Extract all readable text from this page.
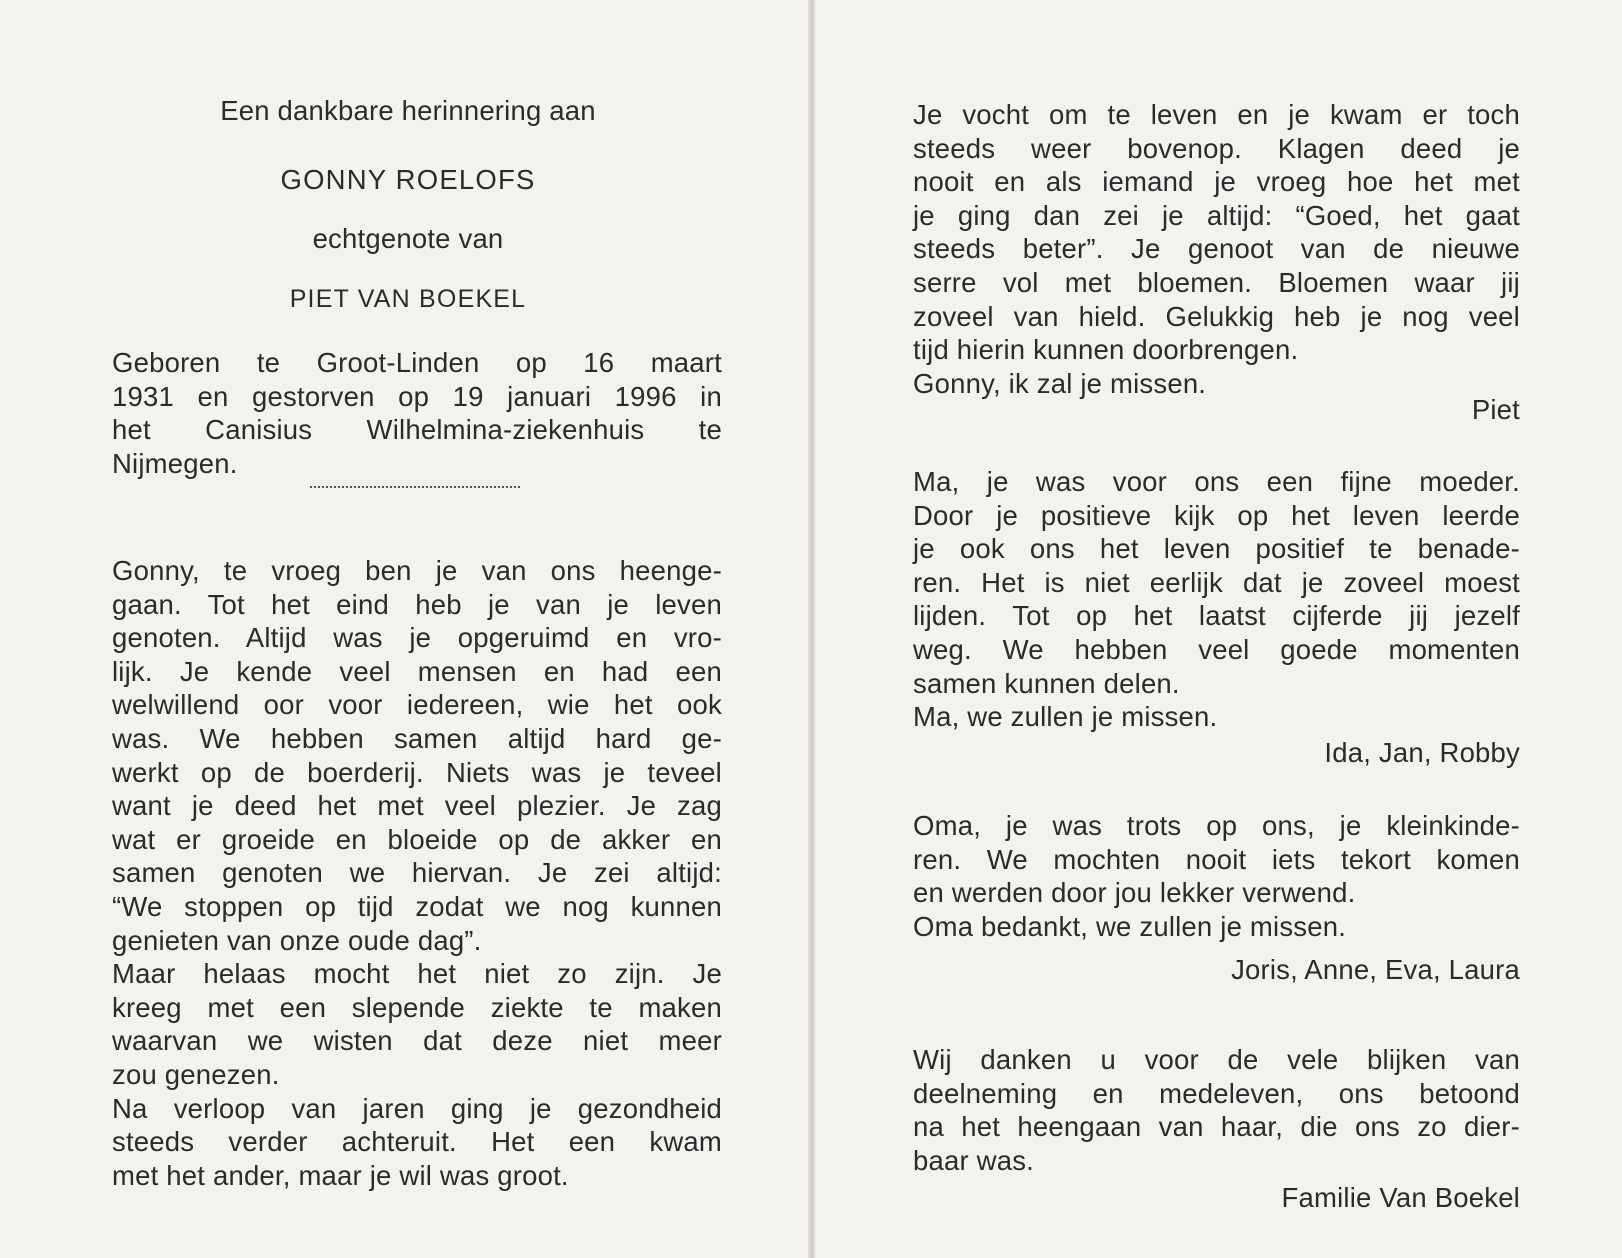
Een dankbare herinnering aan
GONNY ROELOFS
echtgenote van
PIET VAN BOEKEL
Geboren te Groot-Linden op 16 maart
1931 en gestorven op 19 januari 1996 in
het Canisius Wilhelmina-ziekenhuis te
Nijmegen.
Gonny, te vroeg ben je van ons heenge-
gaan. Tot het eind heb je van je leven
genoten. Altijd was je opgeruimd en vro-
lijk. Je kende veel mensen en had een
welwillend oor voor iedereen, wie het ook
was. We hebben samen altijd hard ge-
werkt op de boerderij. Niets was je teveel
want je deed het met veel plezier. Je zag
wat er groeide en bloeide op de akker en
samen genoten we hiervan. Je zei altijd:
“We stoppen op tijd zodat we nog kunnen
genieten van onze oude dag”.
Maar helaas mocht het niet zo zijn. Je
kreeg met een slepende ziekte te maken
waarvan we wisten dat deze niet meer
zou genezen.
Na verloop van jaren ging je gezondheid
steeds verder achteruit. Het een kwam
met het ander, maar je wil was groot.
Je vocht om te leven en je kwam er toch
steeds weer bovenop. Klagen deed je
nooit en als iemand je vroeg hoe het met
je ging dan zei je altijd: “Goed, het gaat
steeds beter”. Je genoot van de nieuwe
serre vol met bloemen. Bloemen waar jij
zoveel van hield. Gelukkig heb je nog veel
tijd hierin kunnen doorbrengen.
Gonny, ik zal je missen.
Piet
Ma, je was voor ons een fijne moeder.
Door je positieve kijk op het leven leerde
je ook ons het leven positief te benade-
ren. Het is niet eerlijk dat je zoveel moest
lijden. Tot op het laatst cijferde jij jezelf
weg. We hebben veel goede momenten
samen kunnen delen.
Ma, we zullen je missen.
Ida, Jan, Robby
Oma, je was trots op ons, je kleinkinde-
ren. We mochten nooit iets tekort komen
en werden door jou lekker verwend.
Oma bedankt, we zullen je missen.
Joris, Anne, Eva, Laura
Wij danken u voor de vele blijken van
deelneming en medeleven, ons betoond
na het heengaan van haar, die ons zo dier-
baar was.
Familie Van Boekel
